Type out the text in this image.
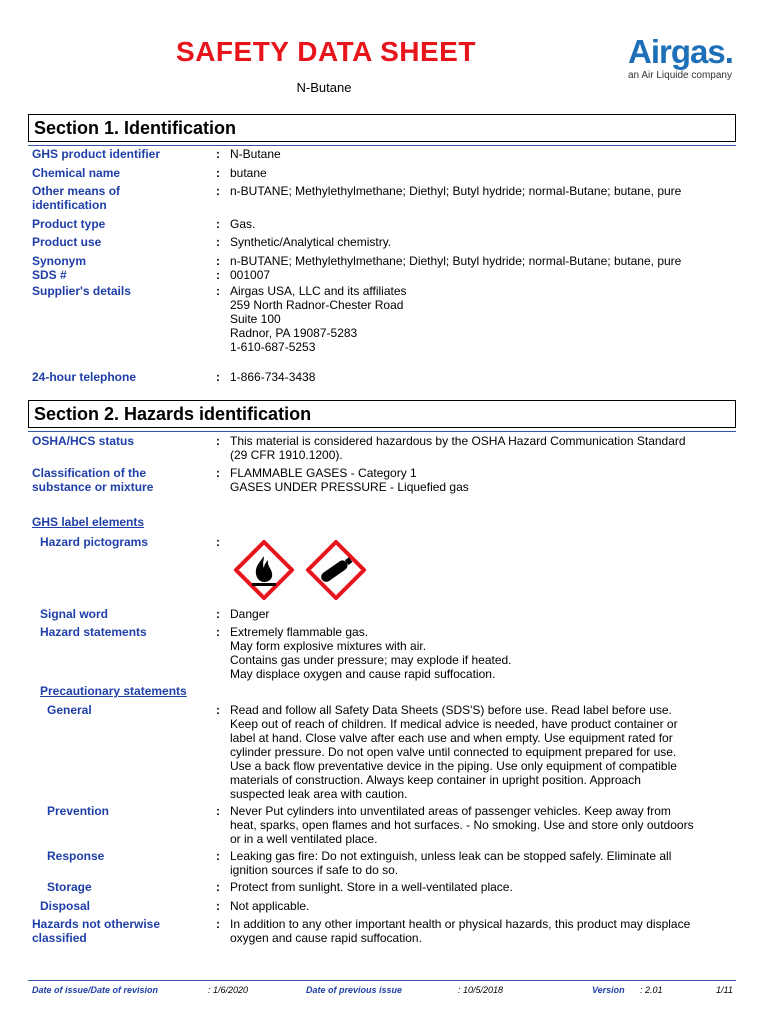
SAFETY DATA SHEET
N-Butane
Airgas.
an Air Liquide company
Section 1. Identification
GHS product identifier	: N-Butane
Chemical name	: butane
Other means of
identification
: n-BUTANE; Methylethylmethane; Diethyl; Butyl hydride; normal-Butane; butane, pure
Product type	: Gas.
Product use	: Synthetic/Analytical chemistry.
Synonym	: n-BUTANE; Methylethylmethane; Diethyl; Butyl hydride; normal-Butane; butane, pure
SDS #	: 001007
Supplier's details	: Airgas USA, LLC and its affiliates
259 North Radnor-Chester Road
Suite 100
Radnor, PA 19087-5283
1-610-687-5253
24-hour telephone	: 1-866-734-3438
Section 2. Hazards identification
OSHA/HCS status	: This material is considered hazardous by the OSHA Hazard Communication Standard
(29 CFR 1910.1200).
Classification of the
substance or mixture
: FLAMMABLE GASES - Category 1
GASES UNDER PRESSURE - Liquefied gas
GHS label elements
Hazard pictograms	:
Signal word	: Danger
Hazard statements	: Extremely flammable gas.
May form explosive mixtures with air.
Contains gas under pressure; may explode if heated.
May displace oxygen and cause rapid suffocation.
Precautionary statements
General	: Read and follow all Safety Data Sheets (SDS'S) before use. Read label before use.
Keep out of reach of children. If medical advice is needed, have product container or
label at hand. Close valve after each use and when empty. Use equipment rated for
cylinder pressure. Do not open valve until connected to equipment prepared for use.
Use a back flow preventative device in the piping. Use only equipment of compatible
materials of construction. Always keep container in upright position. Approach
suspected leak area with caution.
Prevention	: Never Put cylinders into unventilated areas of passenger vehicles. Keep away from
heat, sparks, open flames and hot surfaces. - No smoking. Use and store only outdoors
or in a well ventilated place.
Response	: Leaking gas fire: Do not extinguish, unless leak can be stopped safely. Eliminate all
ignition sources if safe to do so.
Storage	: Protect from sunlight. Store in a well-ventilated place.
Disposal	: Not applicable.
Hazards not otherwise
classified
: In addition to any other important health or physical hazards, this product may displace
oxygen and cause rapid suffocation.
Date of issue/Date of revision	: 1/6/2020	Date of previous issue	: 10/5/2018	Version : 2.01	1/11
